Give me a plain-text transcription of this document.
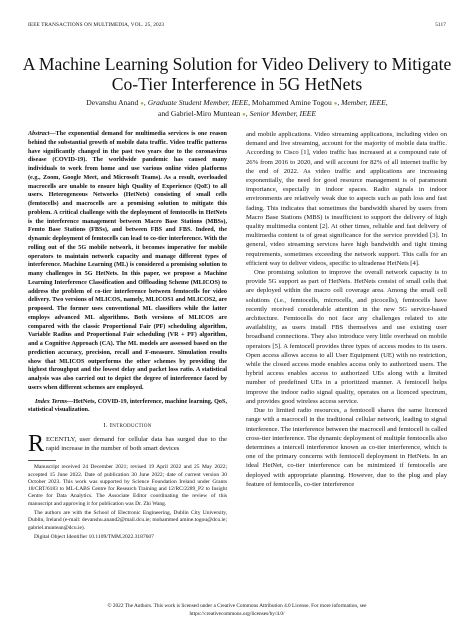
IEEE TRANSACTIONS ON MULTIMEDIA, VOL. 25, 2023	5117
A Machine Learning Solution for Video Delivery to Mitigate Co-Tier Interference in 5G HetNets
Devanshu Anand ●, Graduate Student Member, IEEE, Mohammed Amine Togou ●, Member, IEEE,
and Gabriel-Miro Muntean ●, Senior Member, IEEE

Abstract—The exponential demand for multimedia services is one reason behind the substantial growth of mobile data traffic. Video traffic patterns have significantly changed in the past two years due to the coronavirus disease (COVID-19). The worldwide pandemic has caused many individuals to work from home and use various online video platforms (e.g., Zoom, Google Meet, and Microsoft Teams). As a result, overloaded macrocells are unable to ensure high Quality of Experience (QoE) to all users. Heterogeneous Networks (HetNets) consisting of small cells (femtocells) and macrocells are a promising solution to mitigate this problem. A critical challenge with the deployment of femtocells in HetNets is the interference management between Macro Base Stations (MBSs), Femto Base Stations (FBSs), and between FBS and FBS. Indeed, the dynamic deployment of femtocells can lead to co-tier interference. With the rolling out of the 5G mobile network, it becomes imperative for mobile operators to maintain network capacity and manage different types of interference. Machine Learning (ML) is considered a promising solution to many challenges in 5G HetNets. In this paper, we propose a Machine Learning Interference Classification and Offloading Scheme (MLICOS) to address the problem of co-tier interference between femtocells for video delivery. Two versions of MLICOS, namely, MLICOS1 and MLICOS2, are proposed. The former uses conventional ML classifiers while the latter employs advanced ML algorithms. Both versions of MLICOS are compared with the classic Proportional Fair (PF) scheduling algorithm, Variable Radius and Proportional Fair scheduling (VR + PF) algorithm, and a Cognitive Approach (CA). The ML models are assessed based on the prediction accuracy, precision, recall and F-measure. Simulation results show that MLICOS outperforms the other schemes by providing the highest throughput and the lowest delay and packet loss ratio. A statistical analysis was also carried out to depict the degree of interference faced by users when different schemes are employed.

Index Terms—HetNets, COVID-19, interference, machine learning, QoS, statistical visualization.

I. Introduction

RECENTLY, user demand for cellular data has surged due to the rapid increase in the number of both smart devices

Manuscript received 24 December 2021; revised 19 April 2022 and 25 May 2022; accepted 15 June 2022. Date of publication 30 June 2022; date of current version 30 October 2023. This work was supported by Science Foundation Ireland under Grants 18/CRT/6183 to ML-LABS Centre for Research Training and 12/RC/2289_P2 to Insight Centre for Data Analytics. The Associate Editor coordinating the review of this manuscript and approving it for publication was Dr. Zhi Wang.

The authors are with the School of Electronic Engineering, Dublin City University, Dublin, Ireland (e-mail: devanshu.anand2@mail.dcu.ie; mohammed amine.togou@dcu.ie; gabriel.muntean@dcu.ie).

Digital Object Identifier 10.1109/TMM.2022.3187607

and mobile applications. Video streaming applications, including video on demand and live streaming, account for the majority of mobile data traffic. According to Cisco [1], video traffic has increased at a compound rate of 26% from 2016 to 2020, and will account for 82% of all internet traffic by the end of 2022. As video traffic and applications are increasing exponentially, the need for good resource management is of paramount importance, especially in indoor spaces. Radio signals in indoor environments are relatively weak due to aspects such as path loss and fast fading. This indicates that sometimes the bandwidth shared by users from Macro Base Stations (MBS) is insufficient to support the delivery of high quality multimedia content [2]. At other times, reliable and fast delivery of multimedia content is of great significance for the service provided [3]. In general, video streaming services have high bandwidth and tight timing requirements, sometimes exceeding the network support. This calls for an efficient way to deliver videos, specific to ultradense HetNets [4].

One promising solution to improve the overall network capacity is to provide 5G support as part of HetNets. HetNets consist of small cells that are deployed within the macro cell coverage area. Among the small cell solutions (i.e., femtocells, microcells, and picocells), femtocells have recently received considerable attention in the new 5G service-based architecture. Femtocells do not face any challenges related to site availability, as users install FBS themselves and use existing user broadband connections. They also introduce very little overhead on mobile operators [5]. A femtocell provides three types of access modes to its users. Open access allows access to all User Equipment (UE) with no restriction, while the closed access mode enables access only to authorized users. The hybrid access enables access to authorized UEs along with a limited number of predefined UEs in a prioritized manner. A femtocell helps improve the indoor radio signal quality, operates on a licenced spectrum, and provides good wireless access service.

Due to limited radio resources, a femtocell shares the same licenced range with a macrocell in the traditional cellular network, leading to signal interference. The interference between the macrocell and femtocell is called cross-tier interference. The dynamic deployment of multiple femtocells also determines a intercell interference known as co-tier interference, which is one of the primary concerns with femtocell deployment in HetNets. In an ideal HetNet, co-tier interference can be minimized if femtocells are deployed with appropriate planning. However, due to the plug and play feature of femtocells, co-tier interference

© 2022 The Authors. This work is licensed under a Creative Commons Attribution 4.0 License. For more information, see
https://creativecommons.org/licenses/by/4.0/
